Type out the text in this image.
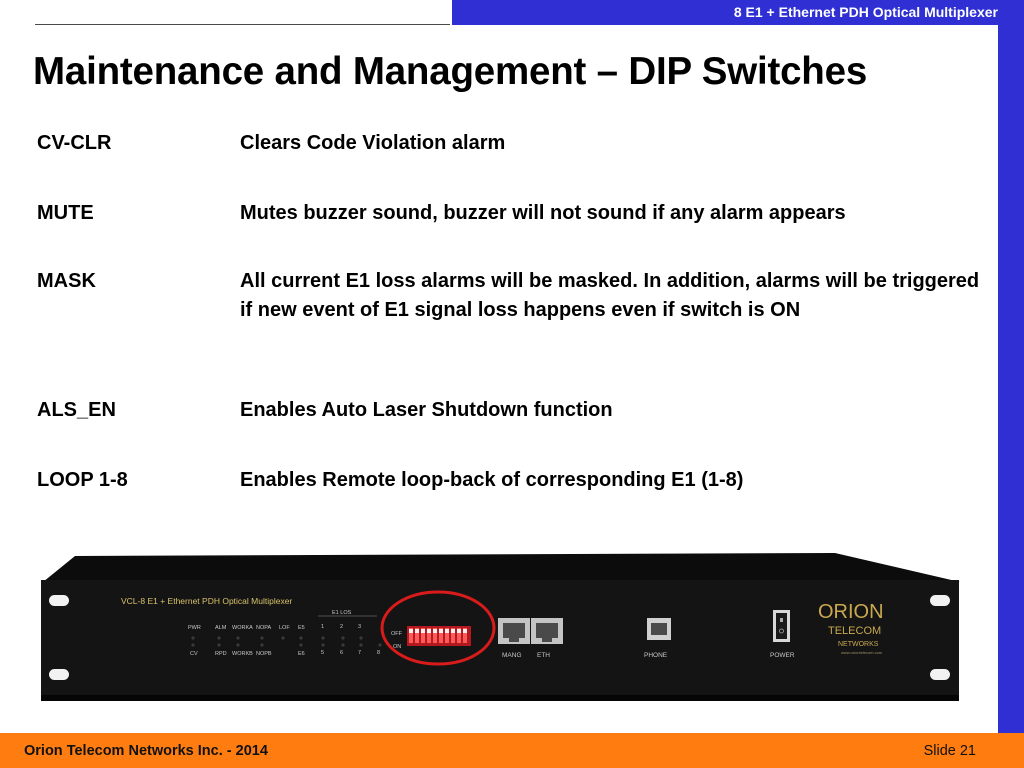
8 E1 + Ethernet PDH Optical Multiplexer
Maintenance and Management – DIP Switches
CV-CLR	Clears Code Violation alarm
MUTE	Mutes buzzer sound, buzzer will not sound if any alarm appears
MASK	All current E1 loss alarms will be masked. In addition, alarms will be triggered if new event of E1 signal loss happens even if switch is ON
ALS_EN	Enables Auto Laser Shutdown function
LOOP 1-8	Enables Remote loop-back of corresponding E1 (1-8)
VCL-8 E1 + Ethernet PDH Optical Multiplexer
PWR	ALM WORKA NOPA LOF E5
CV	RPD WORKB NOPB	E6
E1 LOS
1	2	3
5	6	7	8
OFF
ON
MANG ETH	PHONE	POWER
ORION
TELECOM
NETWORKS
www.oriontelecom.com
Orion Telecom Networks Inc. - 2014	Slide 21
